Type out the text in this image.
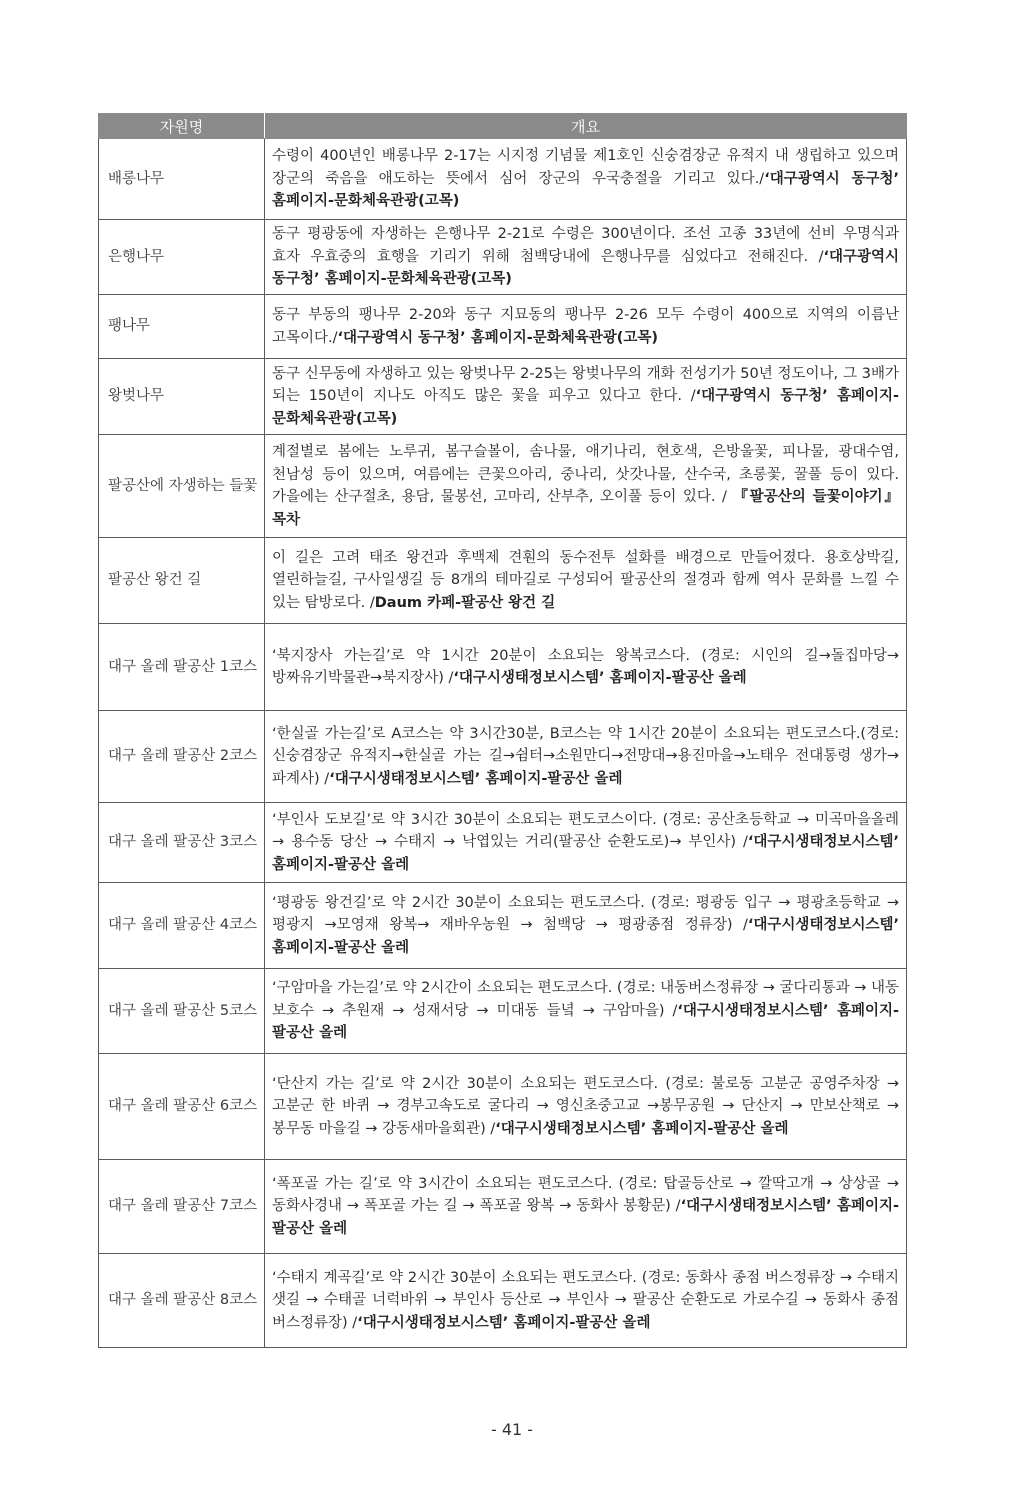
자원명	개요
배롱나무	수령이 400년인 배롱나무 2-17는 시지정 기념물 제1호인 신숭겸장군 유적지 내 생립하고 있으며 장군의 죽음을 애도하는 뜻에서 심어 장군의 우국충절을 기리고 있다./‘대구광역시 동구청’ 홈페이지-문화체육관광(고목)
은행나무	동구 평광동에 자생하는 은행나무 2-21로 수령은 300년이다. 조선 고종 33년에 선비 우명식과 효자 우효중의 효행을 기리기 위해 첨백당내에 은행나무를 심었다고 전해진다. /‘대구광역시 동구청’ 홈페이지-문화체육관광(고목)
팽나무	동구 부동의 팽나무 2-20와 동구 지묘동의 팽나무 2-26 모두 수령이 400으로 지역의 이름난 고목이다./‘대구광역시 동구청’ 홈페이지-문화체육관광(고목)
왕벚나무	동구 신무동에 자생하고 있는 왕벚나무 2-25는 왕벚나무의 개화 전성기가 50년 정도이나, 그 3배가 되는 150년이 지나도 아직도 많은 꽃을 피우고 있다고 한다. /‘대구광역시 동구청’ 홈페이지-문화체육관광(고목)
팔공산에 자생하는 들꽃	계절별로 봄에는 노루귀, 봄구슬볼이, 솜나물, 애기나리, 현호색, 은방울꽃, 피나물, 광대수염, 천남성 등이 있으며, 여름에는 큰꽃으아리, 중나리, 삿갓나물, 산수국, 초롱꽃, 꿀풀 등이 있다. 가을에는 산구절초, 용담, 물봉선, 고마리, 산부추, 오이풀 등이 있다. / 『팔공산의 들꽃이야기』 목차
팔공산 왕건 길	이 길은 고려 태조 왕건과 후백제 견훤의 동수전투 설화를 배경으로 만들어졌다. 용호상박길, 열린하늘길, 구사일생길 등 8개의 테마길로 구성되어 팔공산의 절경과 함께 역사 문화를 느낄 수 있는 탐방로다. /Daum 카페-팔공산 왕건 길
대구 올레 팔공산 1코스	‘북지장사 가는길’로 약 1시간 20분이 소요되는 왕복코스다. (경로: 시인의 길→돌집마당→방짜유기박물관→북지장사) /‘대구시생태정보시스템’ 홈페이지-팔공산 올레
대구 올레 팔공산 2코스	‘한실골 가는길’로 A코스는 약 3시간30분, B코스는 약 1시간 20분이 소요되는 편도코스다.(경로: 신숭겸장군 유적지→한실골 가는 길→쉼터→소원만디→전망대→용진마을→노태우 전대통령 생가→파계사) /‘대구시생태정보시스템’ 홈페이지-팔공산 올레
대구 올레 팔공산 3코스	‘부인사 도보길’로 약 3시간 30분이 소요되는 편도코스이다. (경로: 공산초등학교 → 미곡마을올레 → 용수동 당산 → 수태지 → 낙엽있는 거리(팔공산 순환도로)→ 부인사) /‘대구시생태정보시스템’ 홈페이지-팔공산 올레
대구 올레 팔공산 4코스	‘평광동 왕건길’로 약 2시간 30분이 소요되는 편도코스다. (경로: 평광동 입구 → 평광초등학교 → 평광지 →모영재 왕복→ 재바우농원 → 첨백당 → 평광종점 정류장) /‘대구시생태정보시스템’ 홈페이지-팔공산 올레
대구 올레 팔공산 5코스	‘구암마을 가는길’로 약 2시간이 소요되는 편도코스다. (경로: 내동버스정류장 → 굴다리통과 → 내동 보호수 → 추원재 → 성재서당 → 미대동 들녘 → 구암마을) /‘대구시생태정보시스템’ 홈페이지-팔공산 올레
대구 올레 팔공산 6코스	‘단산지 가는 길’로 약 2시간 30분이 소요되는 편도코스다. (경로: 불로동 고분군 공영주차장 → 고분군 한 바퀴 → 경부고속도로 굴다리 → 영신초중고교 →봉무공원 → 단산지 → 만보산책로 → 봉무동 마을길 → 강동새마을회관) /‘대구시생태정보시스템’ 홈페이지-팔공산 올레
대구 올레 팔공산 7코스	‘폭포골 가는 길’로 약 3시간이 소요되는 편도코스다. (경로: 탑골등산로 → 깔딱고개 → 상상골 → 동화사경내 → 폭포골 가는 길 → 폭포골 왕복 → 동화사 봉황문) /‘대구시생태정보시스템’ 홈페이지-팔공산 올레
대구 올레 팔공산 8코스	‘수태지 계곡길’로 약 2시간 30분이 소요되는 편도코스다. (경로: 동화사 종점 버스정류장 → 수태지 샛길 → 수태골 너럭바위 → 부인사 등산로 → 부인사 → 팔공산 순환도로 가로수길 → 동화사 종점 버스정류장) /‘대구시생태정보시스템’ 홈페이지-팔공산 올레
- 41 -
